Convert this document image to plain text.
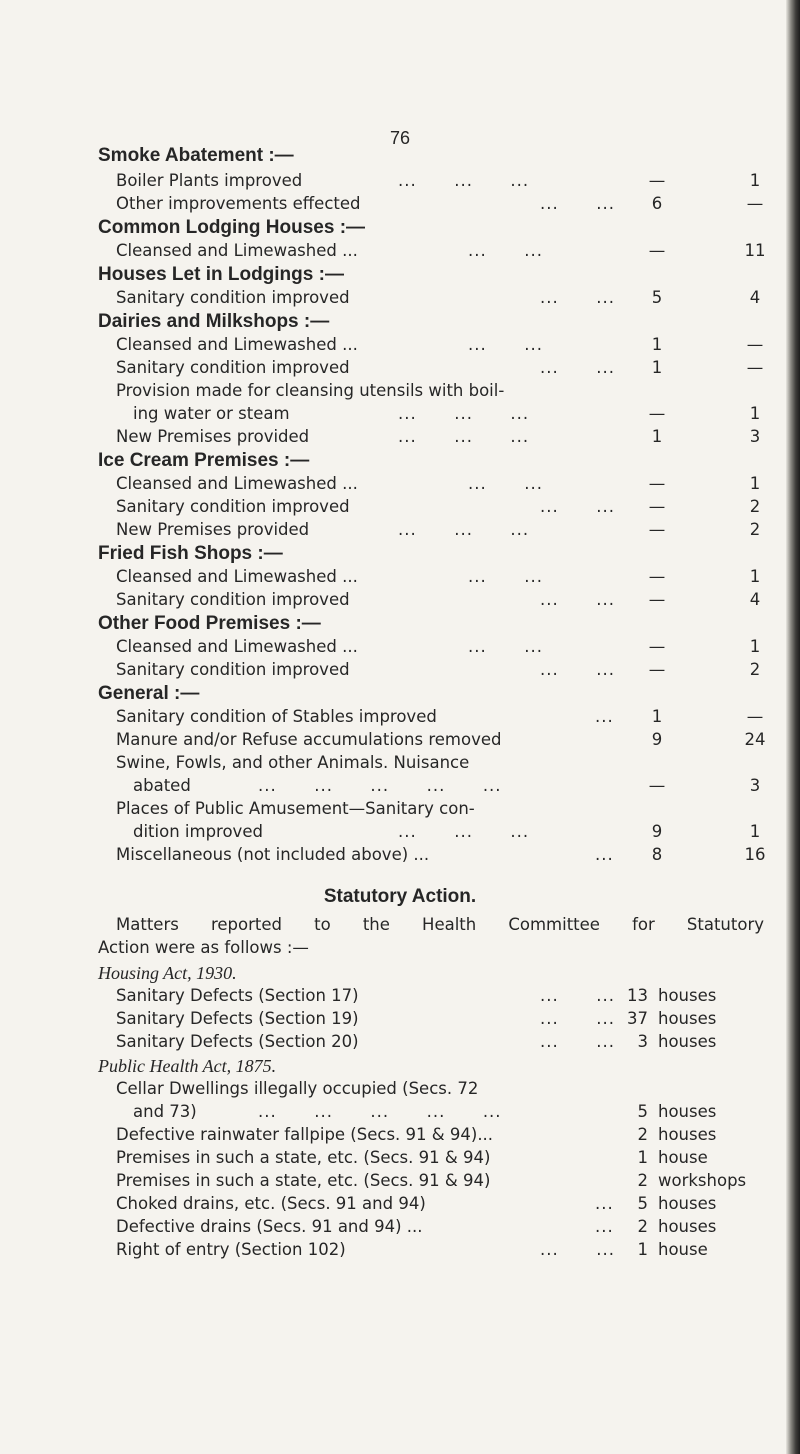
76
Smoke Abatement :—
Boiler Plants improved	...      ...      ...	—	1
Other improvements effected	...      ...	6	—
Common Lodging Houses :—
Cleansed and Limewashed ...	...      ...	—	11
Houses Let in Lodgings :—
Sanitary condition improved	...      ...	5	4
Dairies and Milkshops :—
Cleansed and Limewashed ...	...      ...	1	—
Sanitary condition improved	...      ...	1	—
Provision made for cleansing utensils with boil-
ing water or steam	...      ...      ...	—	1
New Premises provided	...      ...      ...	1	3
Ice Cream Premises :—
Cleansed and Limewashed ...	...      ...	—	1
Sanitary condition improved	...      ...	—	2
New Premises provided	...      ...      ...	—	2
Fried Fish Shops :—
Cleansed and Limewashed ...	...      ...	—	1
Sanitary condition improved	...      ...	—	4
Other Food Premises :—
Cleansed and Limewashed ...	...      ...	—	1
Sanitary condition improved	...      ...	—	2
General :—
Sanitary condition of Stables improved	...	1	—
Manure and/or Refuse accumulations removed	9	24
Swine, Fowls, and other Animals. Nuisance
abated	...      ...      ...      ...      ...	—	3
Places of Public Amusement—Sanitary con-
dition improved	...      ...      ...	9	1
Miscellaneous (not included above) ...	...	8	16
Statutory Action.
Matters reported to the Health Committee for Statutory
Action were as follows :—
Housing Act, 1930.
Sanitary Defects (Section 17)	...      ... 13 houses
Sanitary Defects (Section 19)	...      ... 37 houses
Sanitary Defects (Section 20)	...      ...	3 houses
Public Health Act, 1875.
Cellar Dwellings illegally occupied (Secs. 72
and 73)	...      ...      ...      ...      ...	5 houses
Defective rainwater fallpipe (Secs. 91 & 94)...	2 houses
Premises in such a state, etc. (Secs. 91 & 94)	1 house
Premises in such a state, etc. (Secs. 91 & 94)	2 workshops
Choked drains, etc. (Secs. 91 and 94)	...	5 houses
Defective drains (Secs. 91 and 94) ...	...	2 houses
Right of entry (Section 102)	...      ...	1 house
